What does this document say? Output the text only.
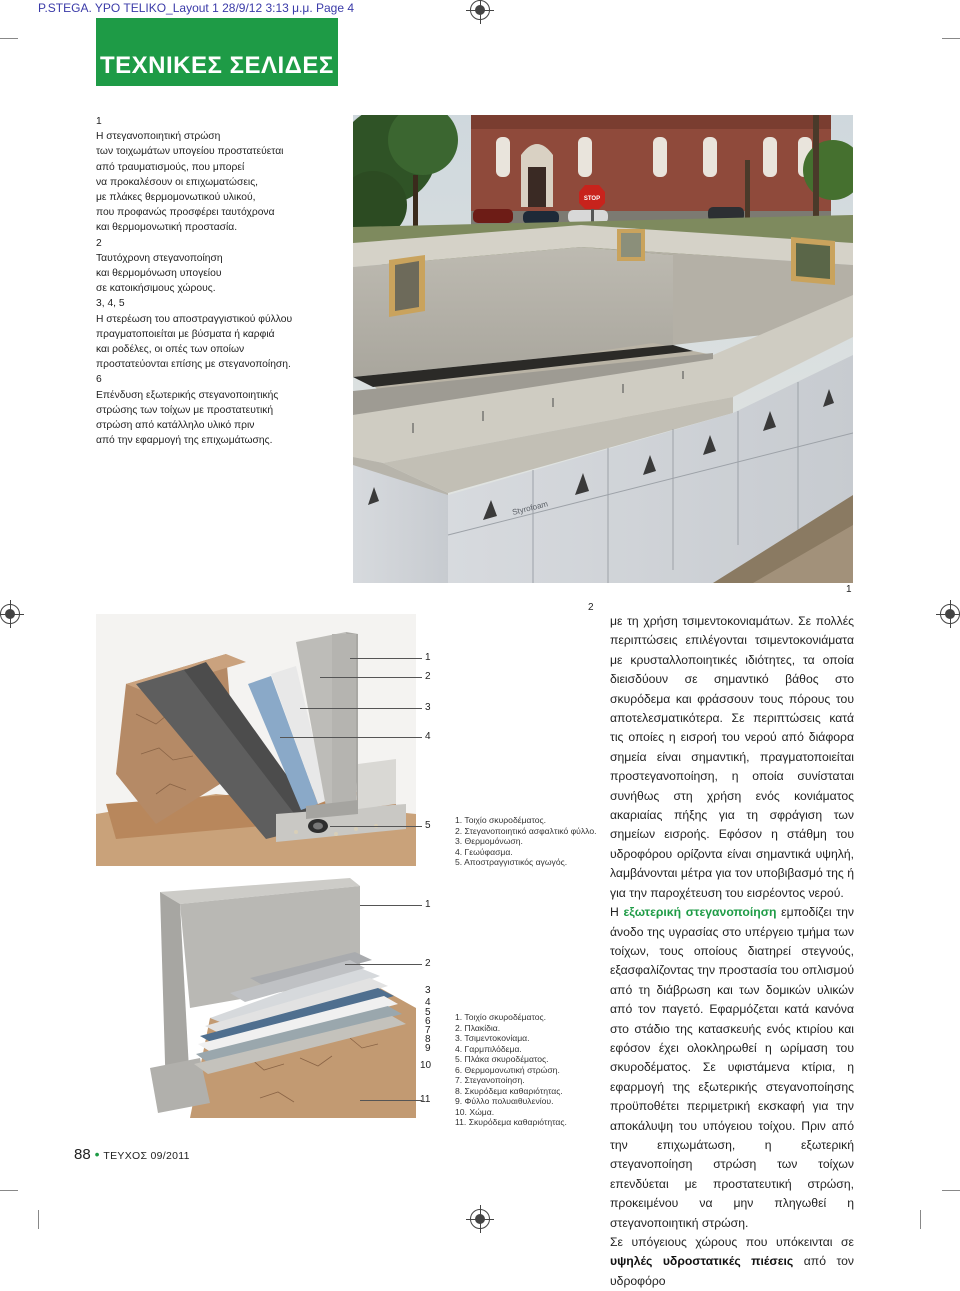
P.STEGA. YPO TELIKO_Layout 1 28/9/12 3:13 μ.μ. Page 4
ΤΕΧΝΙΚΕΣ ΣΕΛΙΔΕΣ
1
Η στεγανοποιητική στρώση
των τοιχωμάτων υπογείου προστατεύεται
από τραυματισμούς, που μπορεί
να προκαλέσουν οι επιχωματώσεις,
με πλάκες θερμομονωτικού υλικού,
που προφανώς προσφέρει ταυτόχρονα
και θερμομονωτική προστασία.
2
Ταυτόχρονη στεγανοποίηση
και θερμομόνωση υπογείου
σε κατοικήσιμους χώρους.
3, 4, 5
Η στερέωση του αποστραγγιστικού φύλλου
πραγματοποιείται με βύσματα ή καρφιά
και ροδέλες, οι οπές των οποίων
προστατεύονται επίσης με στεγανοποίηση.
6
Επένδυση εξωτερικής στεγανοποιητικής
στρώσης των τοίχων με προστατευτική
στρώση από κατάλληλο υλικό πριν
από την εφαρμογή της επιχωμάτωσης.
STOP
Styrofoam
1
2
1
2
3
4
5	1. Τοιχίο σκυροδέματος.
2. Στεγανοποιητικό ασφαλτικό φύλλο.
3. Θερμομόνωση.
4. Γεωύφασμα.
5. Αποστραγγιστικός αγωγός.
1
2
3
4
5
6
7
8
9
10
11
1. Τοιχίο σκυροδέματος.
2. Πλακίδια.
3. Τσιμεντοκονίαμα.
4. Γαρμπιλόδεμα.
5. Πλάκα σκυροδέματος.
6. Θερμομονωτική στρώση.
7. Στεγανοποίηση.
8. Σκυρόδεμα καθαριότητας.
9. Φύλλο πολυαιθυλενίου.
10. Χώμα.
11. Σκυρόδεμα καθαριότητας.

με τη χρήση τσιμεντοκονιαμάτων. Σε πολλές περιπτώσεις επιλέγονται τσιμεντοκονιάματα με κρυσταλλοποιητικές ιδιότητες, τα οποία διεισδύουν σε σημαντικό βάθος στο σκυρόδεμα και φράσσουν τους πόρους του αποτελεσματικότερα. Σε περιπτώσεις κατά τις οποίες η εισροή του νερού από διάφορα σημεία είναι σημαντική, πραγματοποιείται προστεγανοποίηση, η οποία συνίσταται συνήθως στη χρήση ενός κονιάματος ακαριαίας πήξης για τη σφράγιση των σημείων εισροής. Εφόσον η στάθμη του υδροφόρου ορίζοντα είναι σημαντικά υψηλή, λαμβάνονται μέτρα για τον υποβιβασμό της ή για την παροχέτευση του εισρέοντος νερού.

Η εξωτερική στεγανοποίηση εμποδίζει την άνοδο της υγρασίας στο υπέργειο τμήμα των τοίχων, τους οποίους διατηρεί στεγνούς, εξασφαλίζοντας την προστασία του οπλισμού από τη διάβρωση και των δομικών υλικών από τον παγετό. Εφαρμόζεται κατά κανόνα στο στάδιο της κατασκευής ενός κτιρίου και εφόσον έχει ολοκληρωθεί η ωρίμαση του σκυροδέματος. Σε υφιστάμενα κτίρια, η εφαρμογή της εξωτερικής στεγανοποίησης προϋποθέτει περιμετρική εκσκαφή για την αποκάλυψη του υπόγειου τοίχου. Πριν από την επιχωμάτωση, η εξωτερική στεγανοποίηση στρώση των τοίχων επενδύεται με προστατευτική στρώση, προκειμένου να μην πληγωθεί η στεγανοποιητική στρώση.

Σε υπόγειους χώρους που υπόκεινται σε υψηλές υδροστατικές πιέσεις από τον υδροφόρο

88 • ΤΕΥΧΟΣ 09/2011
